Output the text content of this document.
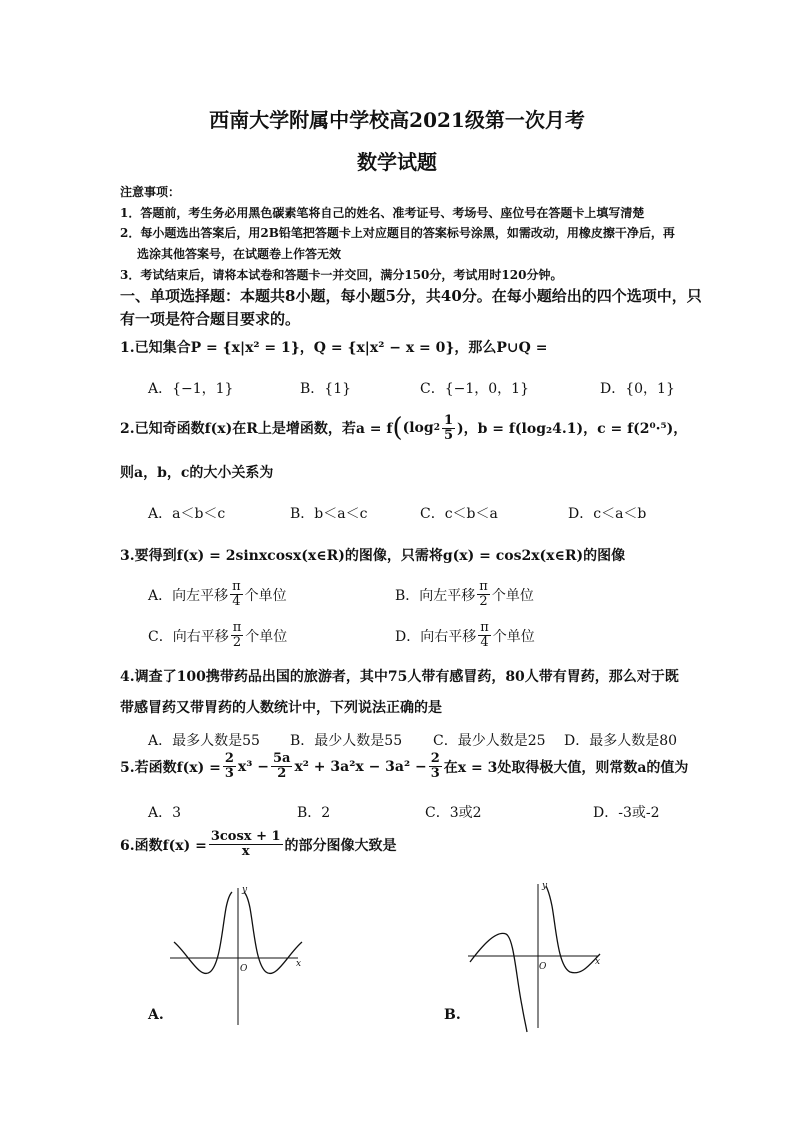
西南大学附属中学校高2021级第一次月考
数学试题
注意事项：
1．答题前，考生务必用黑色碳素笔将自己的姓名、准考证号、考场号、座位号在答题卡上填写清楚
2．每小题选出答案后，用2B铅笔把答题卡上对应题目的答案标号涂黑，如需改动，用橡皮擦干净后，再
选涂其他答案号，在试题卷上作答无效
3．考试结束后，请将本试卷和答题卡一并交回，满分150分，考试用时120分钟。
一、单项选择题：本题共8小题，每小题5分，共40分。在每小题给出的四个选项中，只
有一项是符合题目要求的。
1.已知集合P = {x|x² = 1}，Q = {x|x² − x = 0}，那么P∪Q =
A．{−1，1}	B．{1}	C．{−1，0，1}	D．{0，1}
2.已知奇函数f(x)在R上是增函数，若a = f ( (log $2 \frac{1}{5}$ )，b = f(log₂4.1)，c = f(2⁰·⁵)，
则a，b，c的大小关系为
A．a＜b＜c	B．b＜a＜c	C．c＜b＜a	D．c＜a＜b
3.要得到f(x) = 2sinxcosx(x∈R)的图像，只需将g(x) = cos2x(x∈R)的图像
A．向左平移 $\frac{\pi}{4}$ 个单位	B．向左平移 $\frac{\pi}{2}$ 个单位
C．向右平移 $\frac{\pi}{2}$ 个单位	D．向右平移 $\frac{\pi}{4}$ 个单位
4.调查了100携带药品出国的旅游者，其中75人带有感冒药，80人带有胃药，那么对于既
带感冒药又带胃药的人数统计中，下列说法正确的是
A．最多人数是55 B．最少人数是55 C．最少人数是25 D．最多人数是80
5.若函数$f(x) = \frac{2}{3} x^3 - \frac{5a}{2} x^2 + 3a^2x - 3a^2 - \frac{2}{3}$ 在x = 3处取得极大值，则常数a的值为
A．3	B．2	C．3或2	D．-3或-2
6.函数$f(x) = \frac{3\cos x + 1}{x}$ 的部分图像大致是
y
x
O
A.
y
x
O
B.
